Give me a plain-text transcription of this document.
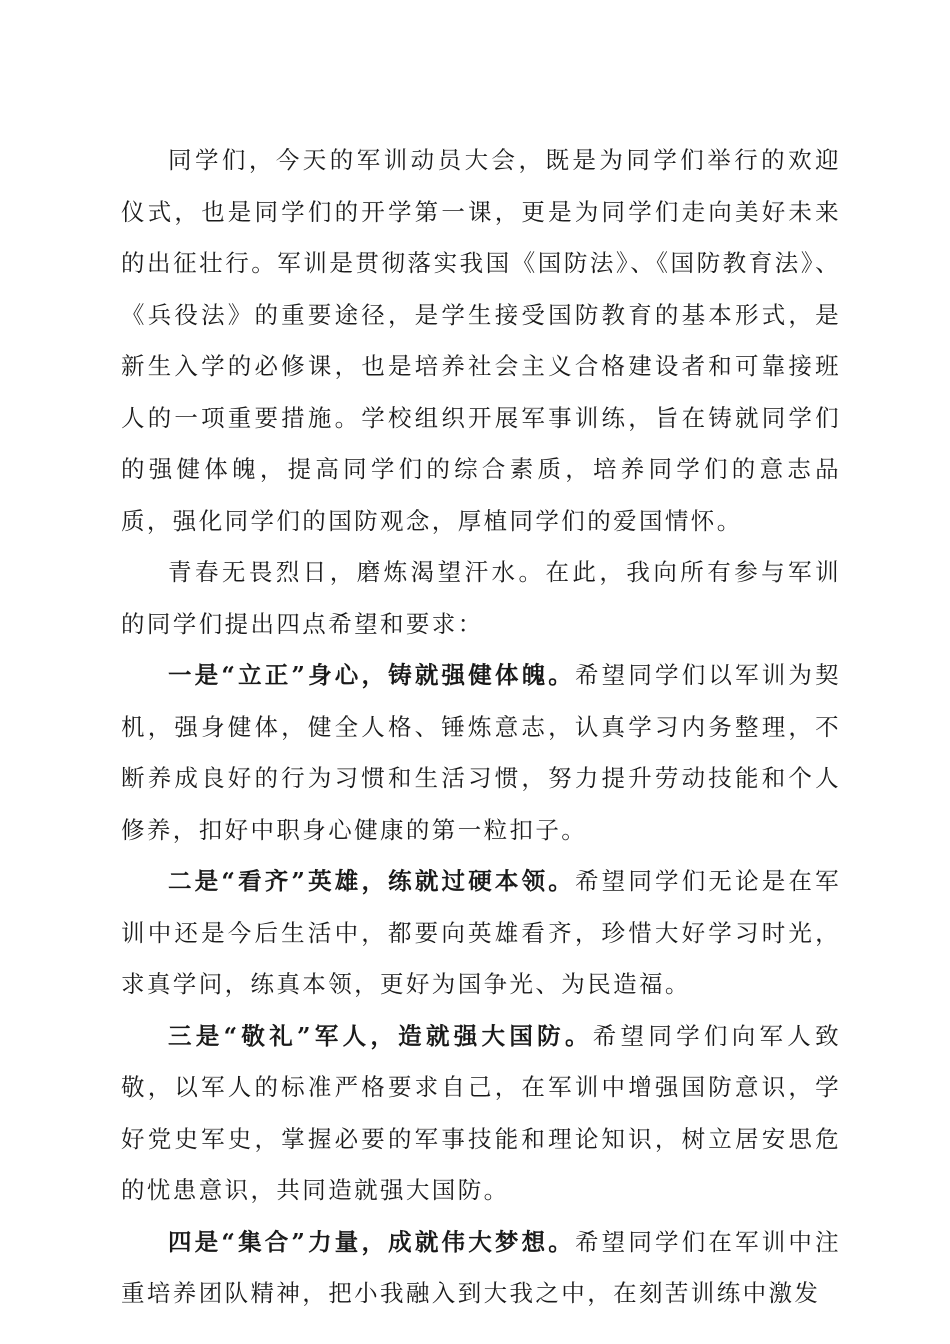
同学们，今天的军训动员大会，既是为同学们举行的欢迎仪式，也是同学们的开学第一课，更是为同学们走向美好未来的出征壮行。军训是贯彻落实我国《国防法》、《国防教育法》、《兵役法》的重要途径，是学生接受国防教育的基本形式，是新生入学的必修课，也是培养社会主义合格建设者和可靠接班人的一项重要措施。学校组织开展军事训练，旨在铸就同学们的强健体魄，提高同学们的综合素质，培养同学们的意志品质，强化同学们的国防观念，厚植同学们的爱国情怀。

青春无畏烈日，磨炼渴望汗水。在此，我向所有参与军训的同学们提出四点希望和要求：

一是“立正”身心，铸就强健体魄。希望同学们以军训为契机，强身健体，健全人格、锤炼意志，认真学习内务整理，不断养成良好的行为习惯和生活习惯，努力提升劳动技能和个人修养，扣好中职身心健康的第一粒扣子。

二是“看齐”英雄，练就过硬本领。希望同学们无论是在军训中还是今后生活中，都要向英雄看齐，珍惜大好学习时光，求真学问，练真本领，更好为国争光、为民造福。

三是“敬礼”军人，造就强大国防。希望同学们向军人致敬，以军人的标准严格要求自己，在军训中增强国防意识，学好党史军史，掌握必要的军事技能和理论知识，树立居安思危的忧患意识，共同造就强大国防。

四是“集合”力量，成就伟大梦想。希望同学们在军训中注重培养团队精神，把小我融入到大我之中，在刻苦训练中激发
